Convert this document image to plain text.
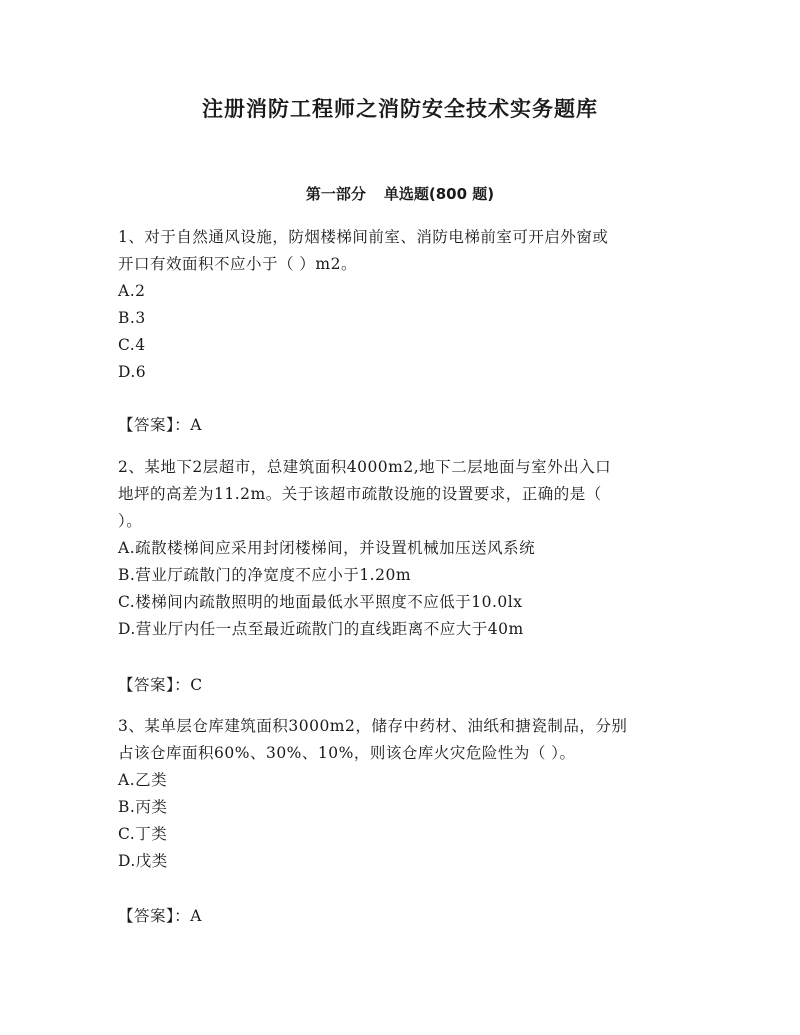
注册消防工程师之消防安全技术实务题库
第一部分 单选题(800 题)
1、对于自然通风设施，防烟楼梯间前室、消防电梯前室可开启外窗或
开口有效面积不应小于（ ）m2。
A.2
B.3
C.4
D.6
【答案】：A
2、某地下2层超市，总建筑面积4000m2,地下二层地面与室外出入口
地坪的高差为11.2m。关于该超市疏散设施的设置要求，正确的是（
）。
A.疏散楼梯间应采用封闭楼梯间，并设置机械加压送风系统
B.营业厅疏散门的净宽度不应小于1.20m
C.楼梯间内疏散照明的地面最低水平照度不应低于10.0lx
D.营业厅内任一点至最近疏散门的直线距离不应大于40m
【答案】：C
3、某单层仓库建筑面积3000m2，储存中药材、油纸和搪瓷制品，分别
占该仓库面积60%、30%、10%，则该仓库火灾危险性为（ ）。
A.乙类
B.丙类
C.丁类
D.戊类
【答案】：A
